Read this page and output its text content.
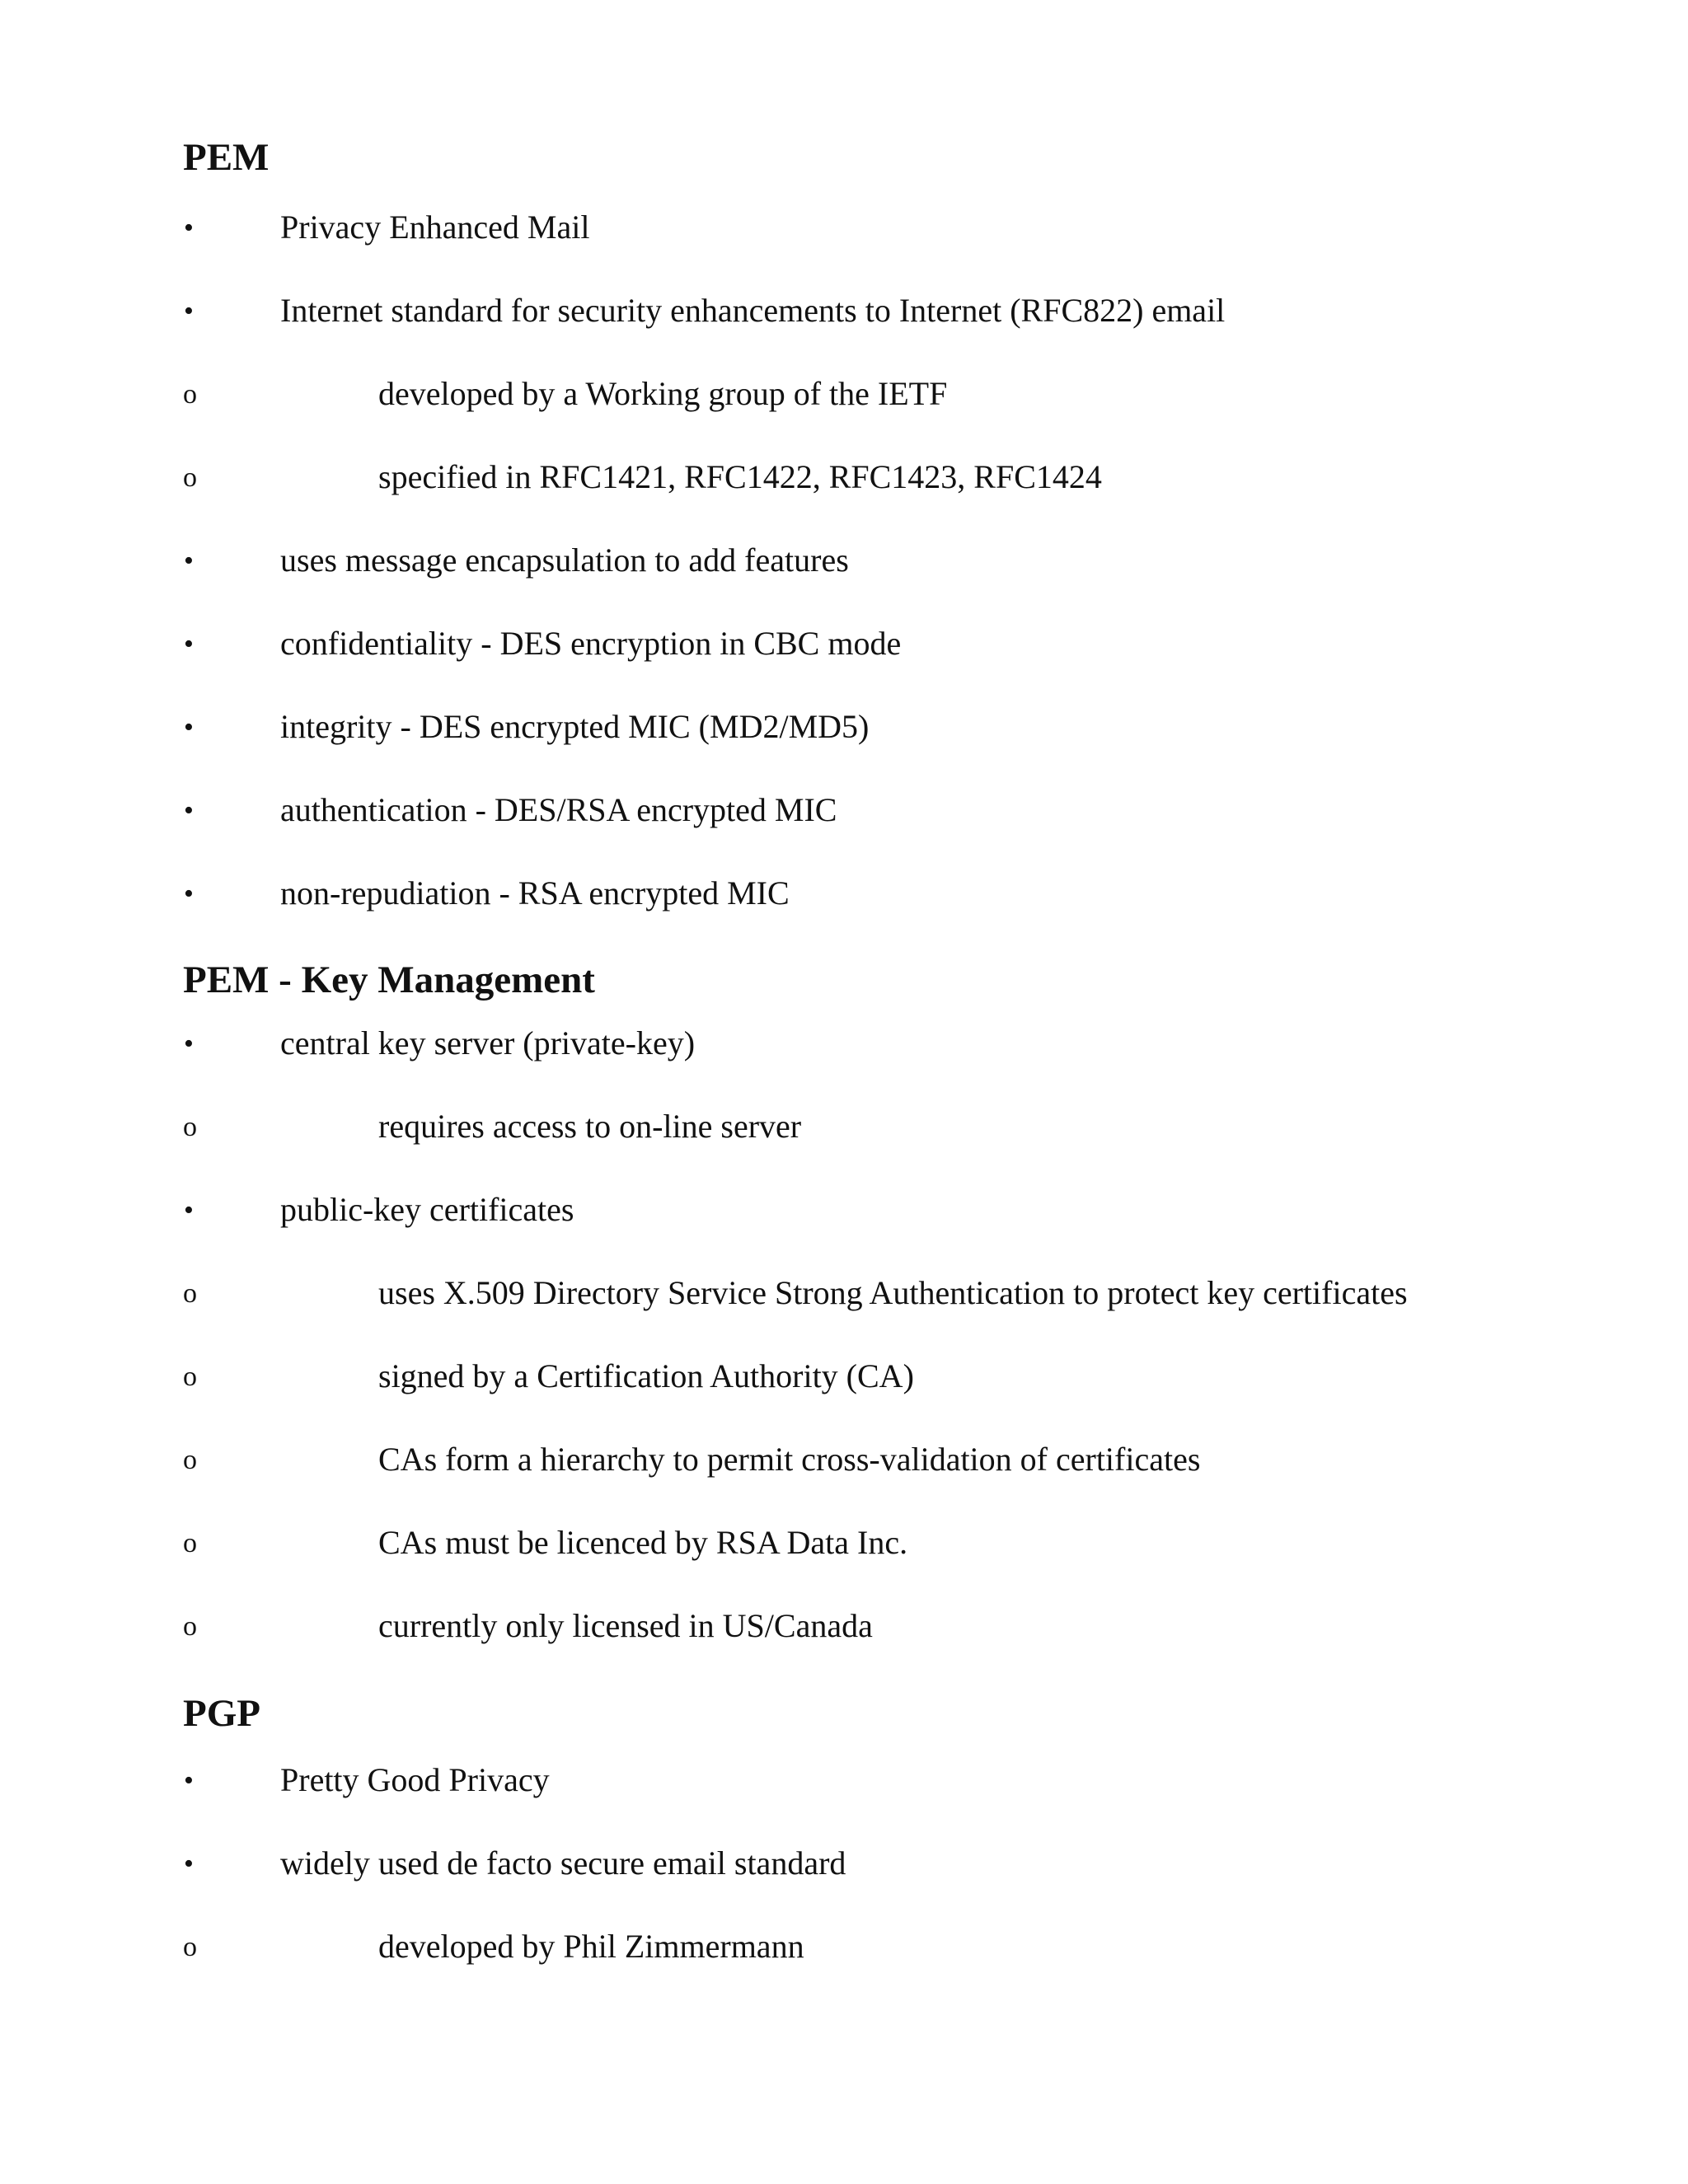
PEM
•	Privacy Enhanced Mail
•	Internet standard for security enhancements to Internet (RFC822) email
o	developed by a Working group of the IETF
o	specified in RFC1421, RFC1422, RFC1423, RFC1424
•	uses message encapsulation to add features
•	confidentiality - DES encryption in CBC mode
•	integrity - DES encrypted MIC (MD2/MD5)
•	authentication - DES/RSA encrypted MIC
•	non-repudiation - RSA encrypted MIC
PEM - Key Management
•	central key server (private-key)
o	requires access to on-line server
•	public-key certificates
o	uses X.509 Directory Service Strong Authentication to protect key certificates
o	signed by a Certification Authority (CA)
o	CAs form a hierarchy to permit cross-validation of certificates
o	CAs must be licenced by RSA Data Inc.
o	currently only licensed in US/Canada
PGP
•	Pretty Good Privacy
•	widely used de facto secure email standard
o	developed by Phil Zimmermann
